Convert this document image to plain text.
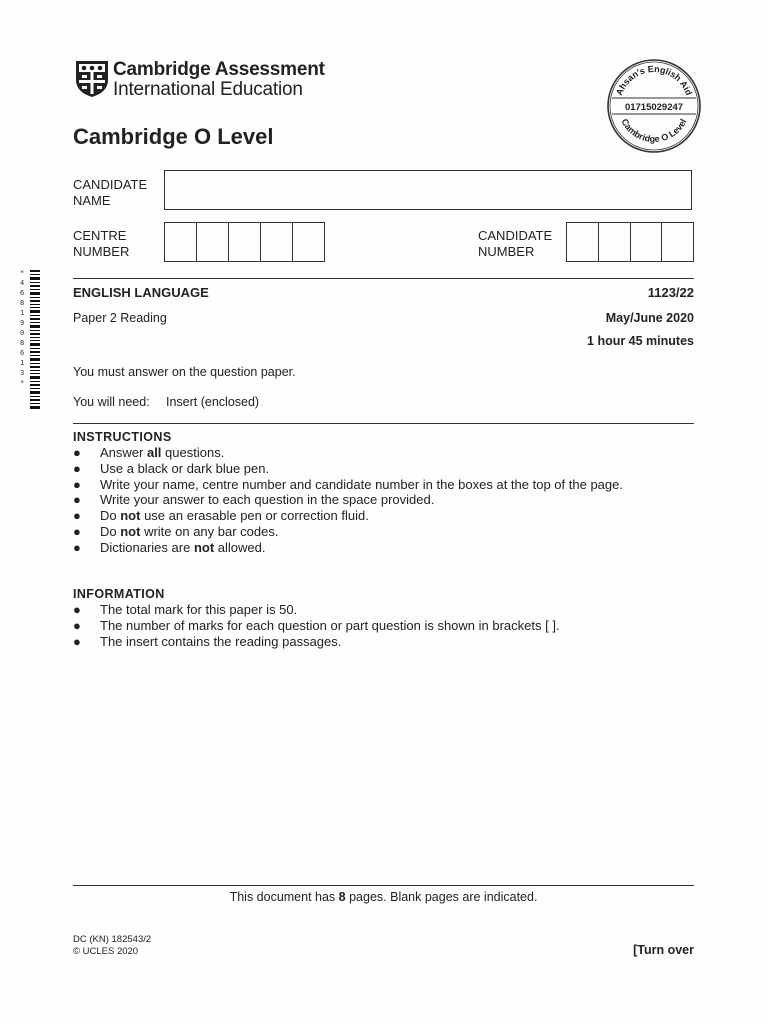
Cambridge Assessment
International Education
Cambridge O Level
Ahsan's English Aid
01715029247
Cambridge O Level
CANDIDATE
NAME
CENTRE
NUMBER
CANDIDATE
NUMBER
*
4
6
8
1
9
0
8
6
1
3
*
ENGLISH LANGUAGE	1123/22
Paper 2 Reading	May/June 2020
1 hour 45 minutes
You must answer on the question paper.
You will need: Insert (enclosed)
INSTRUCTIONS
● Answer all questions.
● Use a black or dark blue pen.
● Write your name, centre number and candidate number in the boxes at the top of the page.
● Write your answer to each question in the space provided.
● Do not use an erasable pen or correction fluid.
● Do not write on any bar codes.
● Dictionaries are not allowed.
INFORMATION
● The total mark for this paper is 50.
● The number of marks for each question or part question is shown in brackets [ ].
● The insert contains the reading passages.
This document has 8 pages. Blank pages are indicated.
DC (KN) 182543/2
© UCLES 2020	[Turn over
